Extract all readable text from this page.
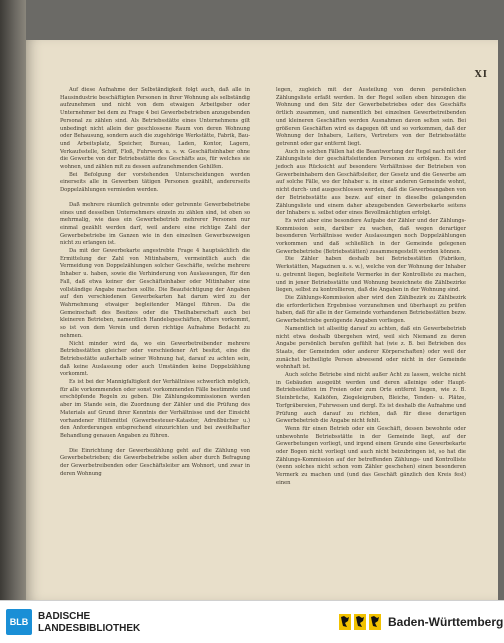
XI

Auf diese Aufnahme der Selbständigkeit folgt auch, daß alle in Hausindustrie beschäftigten Personen in ihrer Wohnung als selbständig aufzunehmen und nicht von dem etwaigen Arbeitgeber oder Unternehmer bei dem zu Frage 4 bei Gewerbebetrieben anzugebenden Personal zu zählen sind. Als Betriebsstätte eines Unternehmens gilt unbedingt nicht allein der geschlossene Raum von deren Wohnung oder Behausung, sondern auch die zugehörige Werkstätte, Fabrik, Bau- und Arbeitsplatz, Speicher, Bureau, Laden, Kontor, Lagern, Verkaufsstelle, Schiff, Floß, Fuhrwerk u. s. w. Geschäftsinhaber ohne die Gewerbe von der Betriebsstätte des Geschäfts aus, für welches sie wohnen, und zählen mit zu dessen aufzunehmenden Gehilfen.

Bei Befolgung der vorstehenden Unterscheidungen werden einerseits alle in Gewerben tätigen Personen gezählt, andererseits Doppelzählungen vermieden werden.

Daß mehrere räumlich getrennte oder getrennte Gewerbebetriebe eines und desselben Unternehmers einzeln zu zählen sind, ist oben so mehrmalig, wie dass ein Gewerbebetrieb mehrerer Personen nur einmal gezählt werden darf, weil andere eine richtige Zahl der Gewerbebetriebe im Ganzen wie in den einzelnen Gewerbszweigen nicht zu erlangen ist.

Da mit der Gewerbekarte angestrebte Frage 4 hauptsächlich die Ermittelung der Zahl von Mitinhabern, vermeintlich auch die Vermeidung von Doppelzählungen solcher Geschäfte, welche mehrere Inhaber u. haben, sowie die Verhinderung von Auslassungen, für den Fall, daß etwa keiner der Geschäftsinhaber oder Mitinhaber eine vollständige Angabe machen sollte. Die Beaufsichtigung der Angaben auf den verschiedenen Gewerbekarten hat darum wird zu der Wahrnehmung etwaiger begleitender Mängel führen. Da die Gemeinschaft des Besitzes oder die Theilhaberschaft auch bei kleineren Betrieben, namentlich Handelsgeschäften, öfters vorkommt, so ist von dem Verein und deren richtige Aufnahme Bedacht zu nehmen.

Nicht minder wird da, wo ein Gewerbetreibender mehrere Betriebsstätten gleicher oder verschiedener Art besitzt, eine die Betriebsstätte außerhalb seiner Wohnung hat, darauf zu achten sein, daß keine Auslassung oder auch Umständen keine Doppelzählung vorkommt.

Es ist bei der Mannigfaltigkeit der Verhältnisse schwerlich möglich, für alle vorkommenden oder sonst vorkommenden Fälle bestimmte und erschöpfende Regeln zu geben. Die Zählungskommissionen werden aber im Stande sein, die Zuordnung der Zähler und die Prüfung des Materials auf Grund ihrer Kenntnis der Verhältnisse und der Einsicht vorhandener Hülfsmittel (Gewerbesteuer-Kataster, Adreßbücher u.) den Anforderungen entsprechend einzurichten und bei zweifelhafter Behandlung genauen Angaben zu führen.

Die Einrichtung der Gewerbezählung geht auf die Zählung von Gewerbebetrieben; die Gewerbebetriebe sollen aber durch Befragung der Gewerbetreibenden oder Geschäftsleiter am Wohnort, und zwar in deren Wohnung

legen, zugleich mit der Austeilung von deren persönlichen Zählungsliste erfaßt werden. In der Regel sollen eben hinzugen die Wohnung und den Sitz der Gewerbebetriebes oder des Geschäfts örtlich zusammen, und namentlich bei einzelnen Gewerbetreibenden und kleineren Geschäften werden Ausnahmen davon selten sein. Bei größeren Geschäften wird es dagegen öft und so vorkommen, daß der Wohnung der Inhabers, Leiters, Vertreters von der Betriebsstätte getrennt oder gar entfernt liegt.

Auch in solchen Fällen hat die Beantwortung der Regel nach mit der Zählungsliste der geschäftsleitenden Personen zu erfolgen. Es wird jedoch aus Rücksicht auf besondere Verhältnisse der Betrieben von Gewerbeinhabern den Geschäftsleiter, der Gesetz und die Gewerbe am auf solche Fälle, wo der Inhaber u. in einer anderen Gemeinde wohnt, nicht durch- und ausgeschlossen werden, daß die Gewerbeangaben von der Betriebsstätte aus bezw. auf einer in dieselbe gelangenden Zählungsliste und einem daher abzugebenden Gewerbekarte seitens der Inhabers u. selbst oder eines Bevollmächtigten erfolgt.

Es wird aber eine besondere Aufgabe der Zähler und der Zählungs-Kommission sein, darüber zu wachen, daß wegen derartiger besonderen Verhältnisse weder Auslassungen noch Doppelzählungen vorkommen und daß schließlich in der Gemeinde gelegenen Gewerbebetriebe (Betriebsstätten) zusammengestellt werden können.

Die Zähler haben deshalb bei Betriebsstätten (Fabriken, Werkstätten, Magazinen u. s. w.), welche von der Wohnung der Inhaber u. getrennt liegen, begleitete Vermerke in der Kontrolliste zu machen, und in jener Betriebsstätte und Wohnung bezeichnete die Zählbezirke liegen, selbst zu kontrollieren, daß die Angaben in der Wohnung sind.

Die Zählungs-Kommission aber wird den Zählbezirk zu Zählbezirk die erforderlichen Ergebnisse vorzunehmen und überhaupt zu prüfen haben, daß für alle in der Gemeinde vorhandenen Betriebsstätten bezw. Gewerbebetriebe genügende Angaben vorliegen.

Namentlich ist allseitig darauf zu achten, daß ein Gewerbebetrieb nicht etwa deshalb übergehen wird, weil sich Niemand zu deren Angabe persönlich berufen gefühlt hat (wie z. B. bei Betrieben des Staats, der Gemeinden oder anderer Körperschaften) oder weil der zunächst betheiligte Person abwesend oder nicht in der Gemeinde wohnhaft ist.

Auch solche Betriebe sind nicht außer Acht zu lassen, welche nicht in Gebäuden ausgeübt werden und deren alleinige oder Haupt-Betriebsstätten im Freien oder zum Orte entfernt liegen, wie z. B. Steinbrüche, Kalköfen, Ziegeleigruben, Bleiche, Tenden- u. Plätze, Torfgräbereien, Fuhrwesen und dergl. Es ist deshalb die Aufnahme und Prüfung auch darauf zu richten, daß für diese derartigen Gewerbebetrieb die Angabe nicht fehlt.

Wenn für einen Betrieb oder ein Geschäft, dessen bewohnte oder unbewohnte Betriebsstätte in der Gemeinde liegt, auf der Gewerbetungen vorliegt, und irgend einem Grunde eine Gewerbekarte oder Bogen nicht vorliegt und auch nicht beizubringen ist, so hat die Zählungs-Kommission auf der betreffenden Zählungs- und Kontrolliste (wenn solches nicht schon vom Zähler geschehen) einen besonderen Vermerk zu machen und (und das Geschäft gänzlich den Kreis fest) einen

BLB BADISCHE
LANDESBIBLIOTHEK	Baden-Württemberg
